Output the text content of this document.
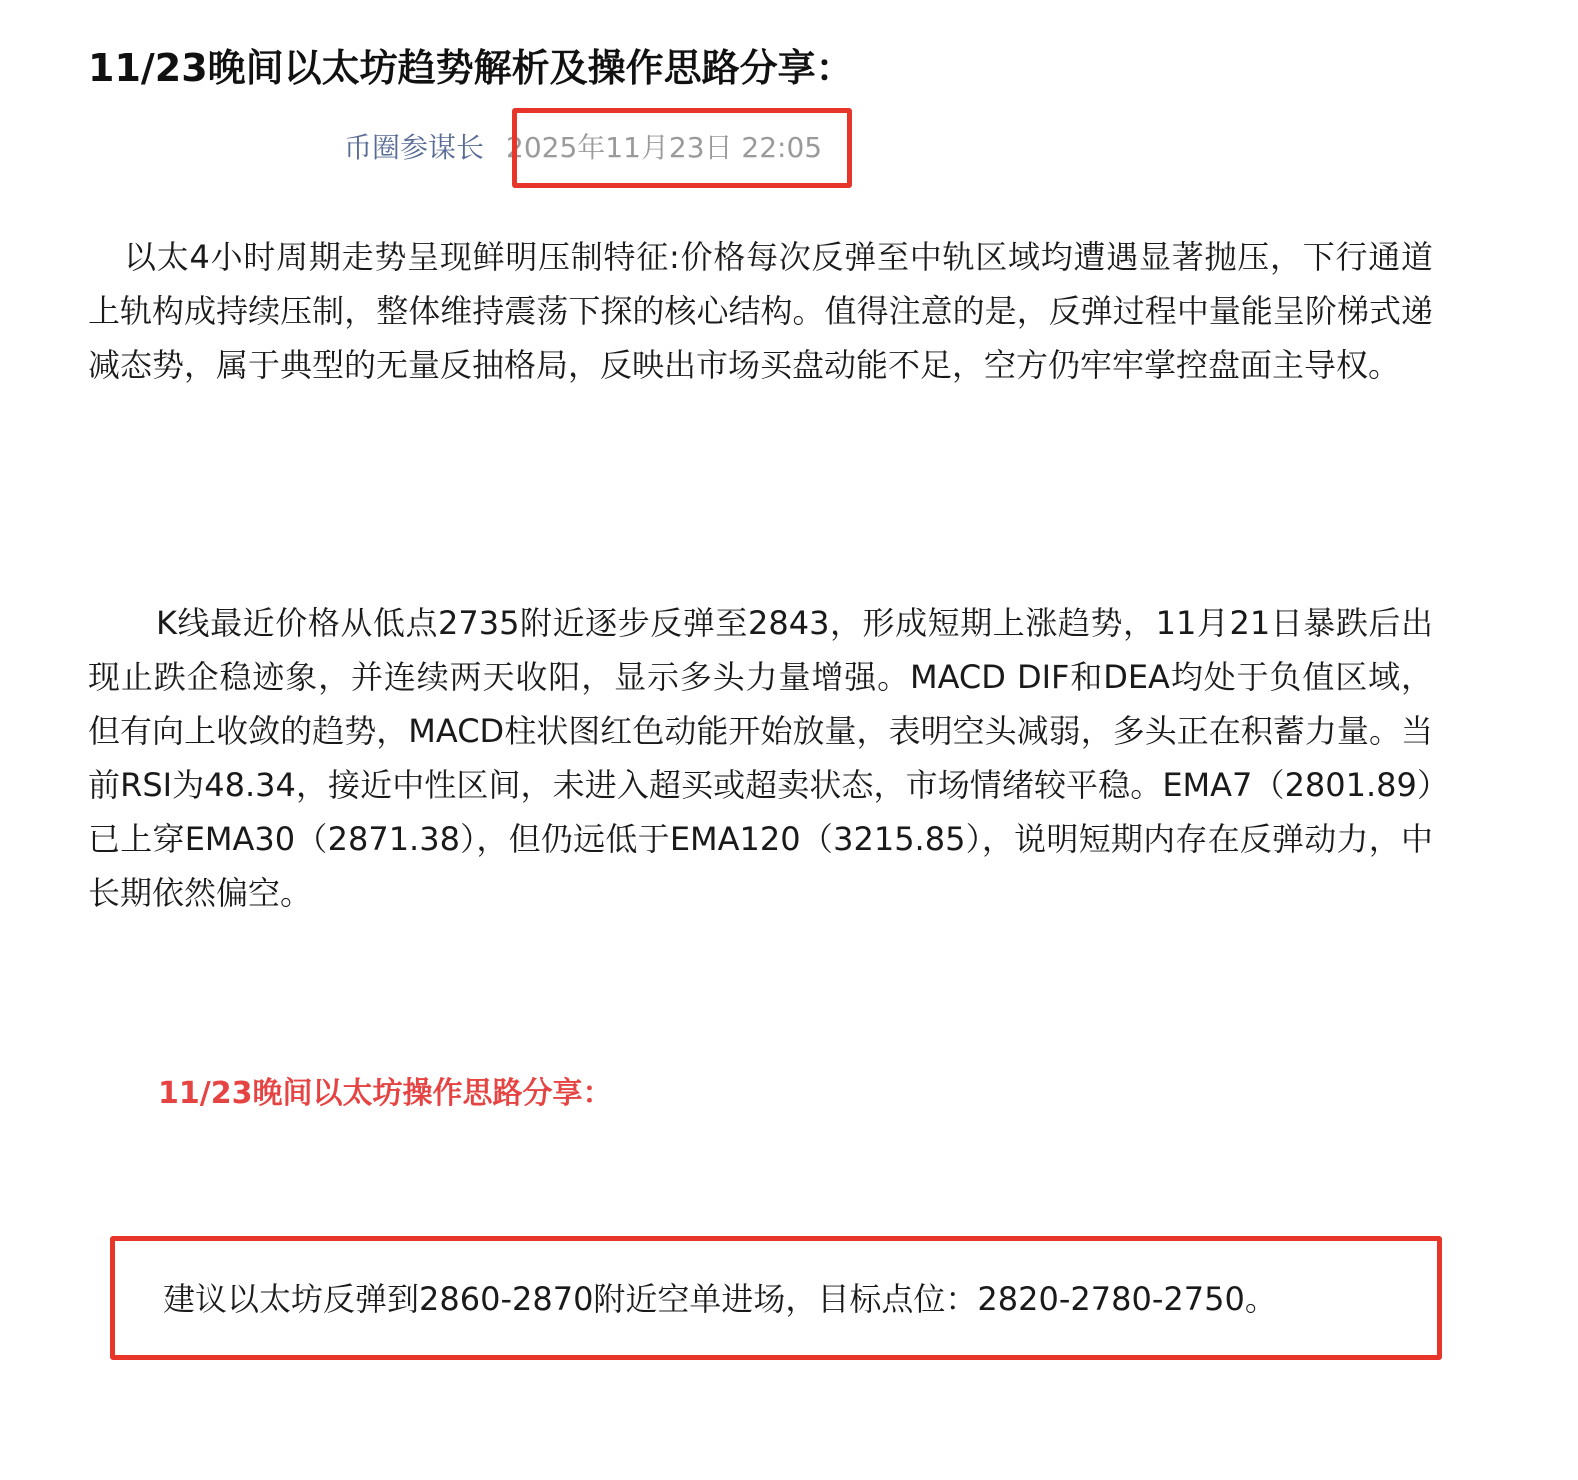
11/23晚间以太坊趋势解析及操作思路分享：
币圈参谋长 2025年11月23日 22:05

以太4小时周期走势呈现鲜明压制特征:价格每次反弹至中轨区域均遭遇显著抛压，下行通道上轨构成持续压制，整体维持震荡下探的核心结构。值得注意的是，反弹过程中量能呈阶梯式递减态势，属于典型的无量反抽格局，反映出市场买盘动能不足，空方仍牢牢掌控盘面主导权。

K线最近价格从低点2735附近逐步反弹至2843，形成短期上涨趋势，11月21日暴跌后出现止跌企稳迹象，并连续两天收阳，显示多头力量增强。MACD DIF和DEA均处于负值区域，但有向上收敛的趋势，MACD柱状图红色动能开始放量，表明空头减弱，多头正在积蓄力量。当前RSI为48.34，接近中性区间，未进入超买或超卖状态，市场情绪较平稳。EMA7（2801.89）已上穿EMA30（2871.38），但仍远低于EMA120（3215.85），说明短期内存在反弹动力，中长期依然偏空。

11/23晚间以太坊操作思路分享：

建议以太坊反弹到2860-2870附近空单进场，目标点位：2820-2780-2750。
